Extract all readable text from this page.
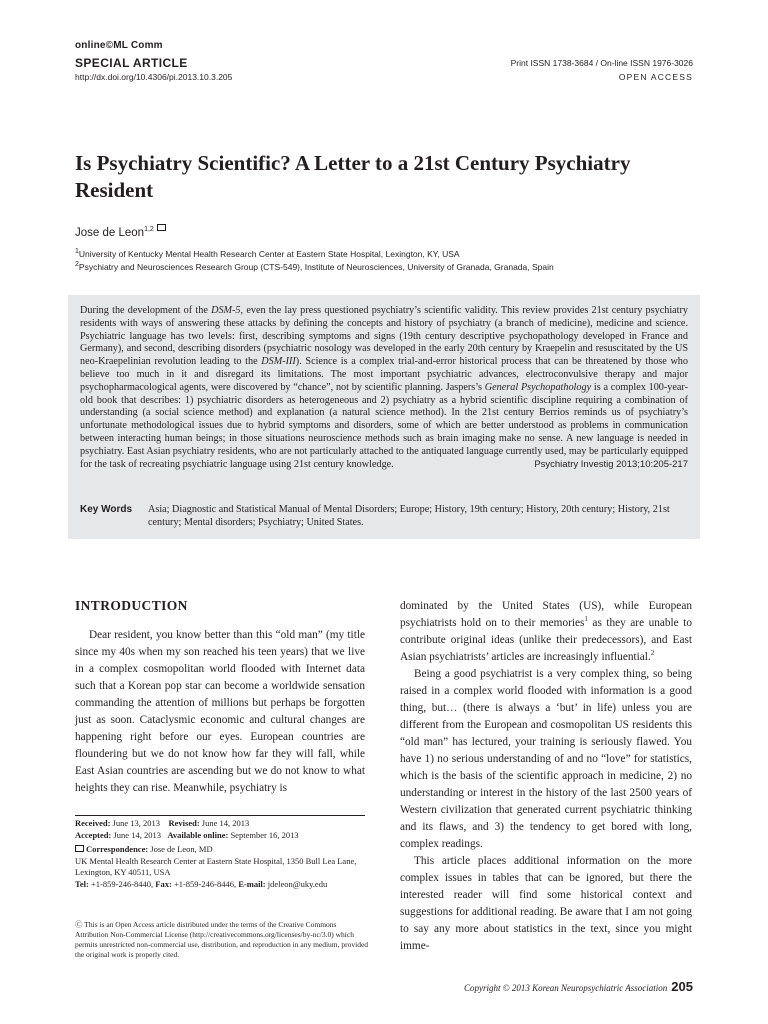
online©ML Comm
SPECIAL ARTICLE
http://dx.doi.org/10.4306/pi.2013.10.3.205
Print ISSN 1738-3684 / On-line ISSN 1976-3026
OPEN ACCESS
Is Psychiatry Scientific? A Letter to a 21st Century Psychiatry Resident
Jose de Leon$^{1,2}$
$^1$University of Kentucky Mental Health Research Center at Eastern State Hospital, Lexington, KY, USA
$^2$Psychiatry and Neurosciences Research Group (CTS-549), Institute of Neurosciences, University of Granada, Granada, Spain
During the development of the DSM-5, even the lay press questioned psychiatry’s scientific validity. This review provides 21st century psychiatry residents with ways of answering these attacks by defining the concepts and history of psychiatry (a branch of medicine), medicine and science. Psychiatric language has two levels: first, describing symptoms and signs (19th century descriptive psychopathology developed in France and Germany), and second, describing disorders (psychiatric nosology was developed in the early 20th century by Kraepelin and resuscitated by the US neo-Kraepelinian revolution leading to the DSM-III). Science is a complex trial-and-error historical process that can be threatened by those who believe too much in it and disregard its limitations. The most important psychiatric advances, electroconvulsive therapy and major psychopharmacological agents, were discovered by “chance”, not by scientific planning. Jaspers’s General Psychopathology is a complex 100-year-old book that describes: 1) psychiatric disorders as heterogeneous and 2) psychiatry as a hybrid scientific discipline requiring a combination of understanding (a social science method) and explanation (a natural science method). In the 21st century Berrios reminds us of psychiatry’s unfortunate methodological issues due to hybrid symptoms and disorders, some of which are better understood as problems in communication between interacting human beings; in those situations neuroscience methods such as brain imaging make no sense. A new language is needed in psychiatry. East Asian psychiatry residents, who are not particularly attached to the antiquated language currently used, may be particularly equipped for the task of recreating psychiatric language using 21st century knowledge.	Psychiatry Investig 2013;10:205-217
Key Words Asia; Diagnostic and Statistical Manual of Mental Disorders; Europe; History, 19th century; History, 20th century; History, 21st century; Mental disorders; Psychiatry; United States.
INTRODUCTION

Dear resident, you know better than this “old man” (my title since my 40s when my son reached his teen years) that we live in a complex cosmopolitan world flooded with Internet data such that a Korean pop star can become a worldwide sensation commanding the attention of millions but perhaps be forgotten just as soon. Cataclysmic economic and cultural changes are happening right before our eyes. European countries are floundering but we do not know how far they will fall, while East Asian countries are ascending but we do not know to what heights they can rise. Meanwhile, psychiatry is

dominated by the United States (US), while European psychiatrists hold on to their memories$^1$ as they are unable to contribute original ideas (unlike their predecessors), and East Asian psychiatrists’ articles are increasingly influential.$^2$

Being a good psychiatrist is a very complex thing, so being raised in a complex world flooded with information is a good thing, but… (there is always a ‘but’ in life) unless you are different from the European and cosmopolitan US residents this “old man” has lectured, your training is seriously flawed. You have 1) no serious understanding of and no “love” for statistics, which is the basis of the scientific approach in medicine, 2) no understanding or interest in the history of the last 2500 years of Western civilization that generated current psychiatric thinking and its flaws, and 3) the tendency to get bored with long, complex readings.

This article places additional information on the more complex issues in tables that can be ignored, but there the interested reader will find some historical context and suggestions for additional reading. Be aware that I am not going to say any more about statistics in the text, since you might imme-

Received: June 13, 2013 Revised: June 14, 2013
Accepted: June 14, 2013 Available online: September 16, 2013
Correspondence: Jose de Leon, MD
UK Mental Health Research Center at Eastern State Hospital, 1350 Bull Lea Lane, Lexington, KY 40511, USA
Tel: +1-859-246-8440, Fax: +1-859-246-8446, E-mail: jdeleon@uky.edu
Ⓒ This is an Open Access article distributed under the terms of the Creative Commons Attribution Non-Commercial License (http://creativecommons.org/licenses/by-nc/3.0) which permits unrestricted non-commercial use, distribution, and reproduction in any medium, provided the original work is properly cited.
Copyright © 2013 Korean Neuropsychiatric Association 205
